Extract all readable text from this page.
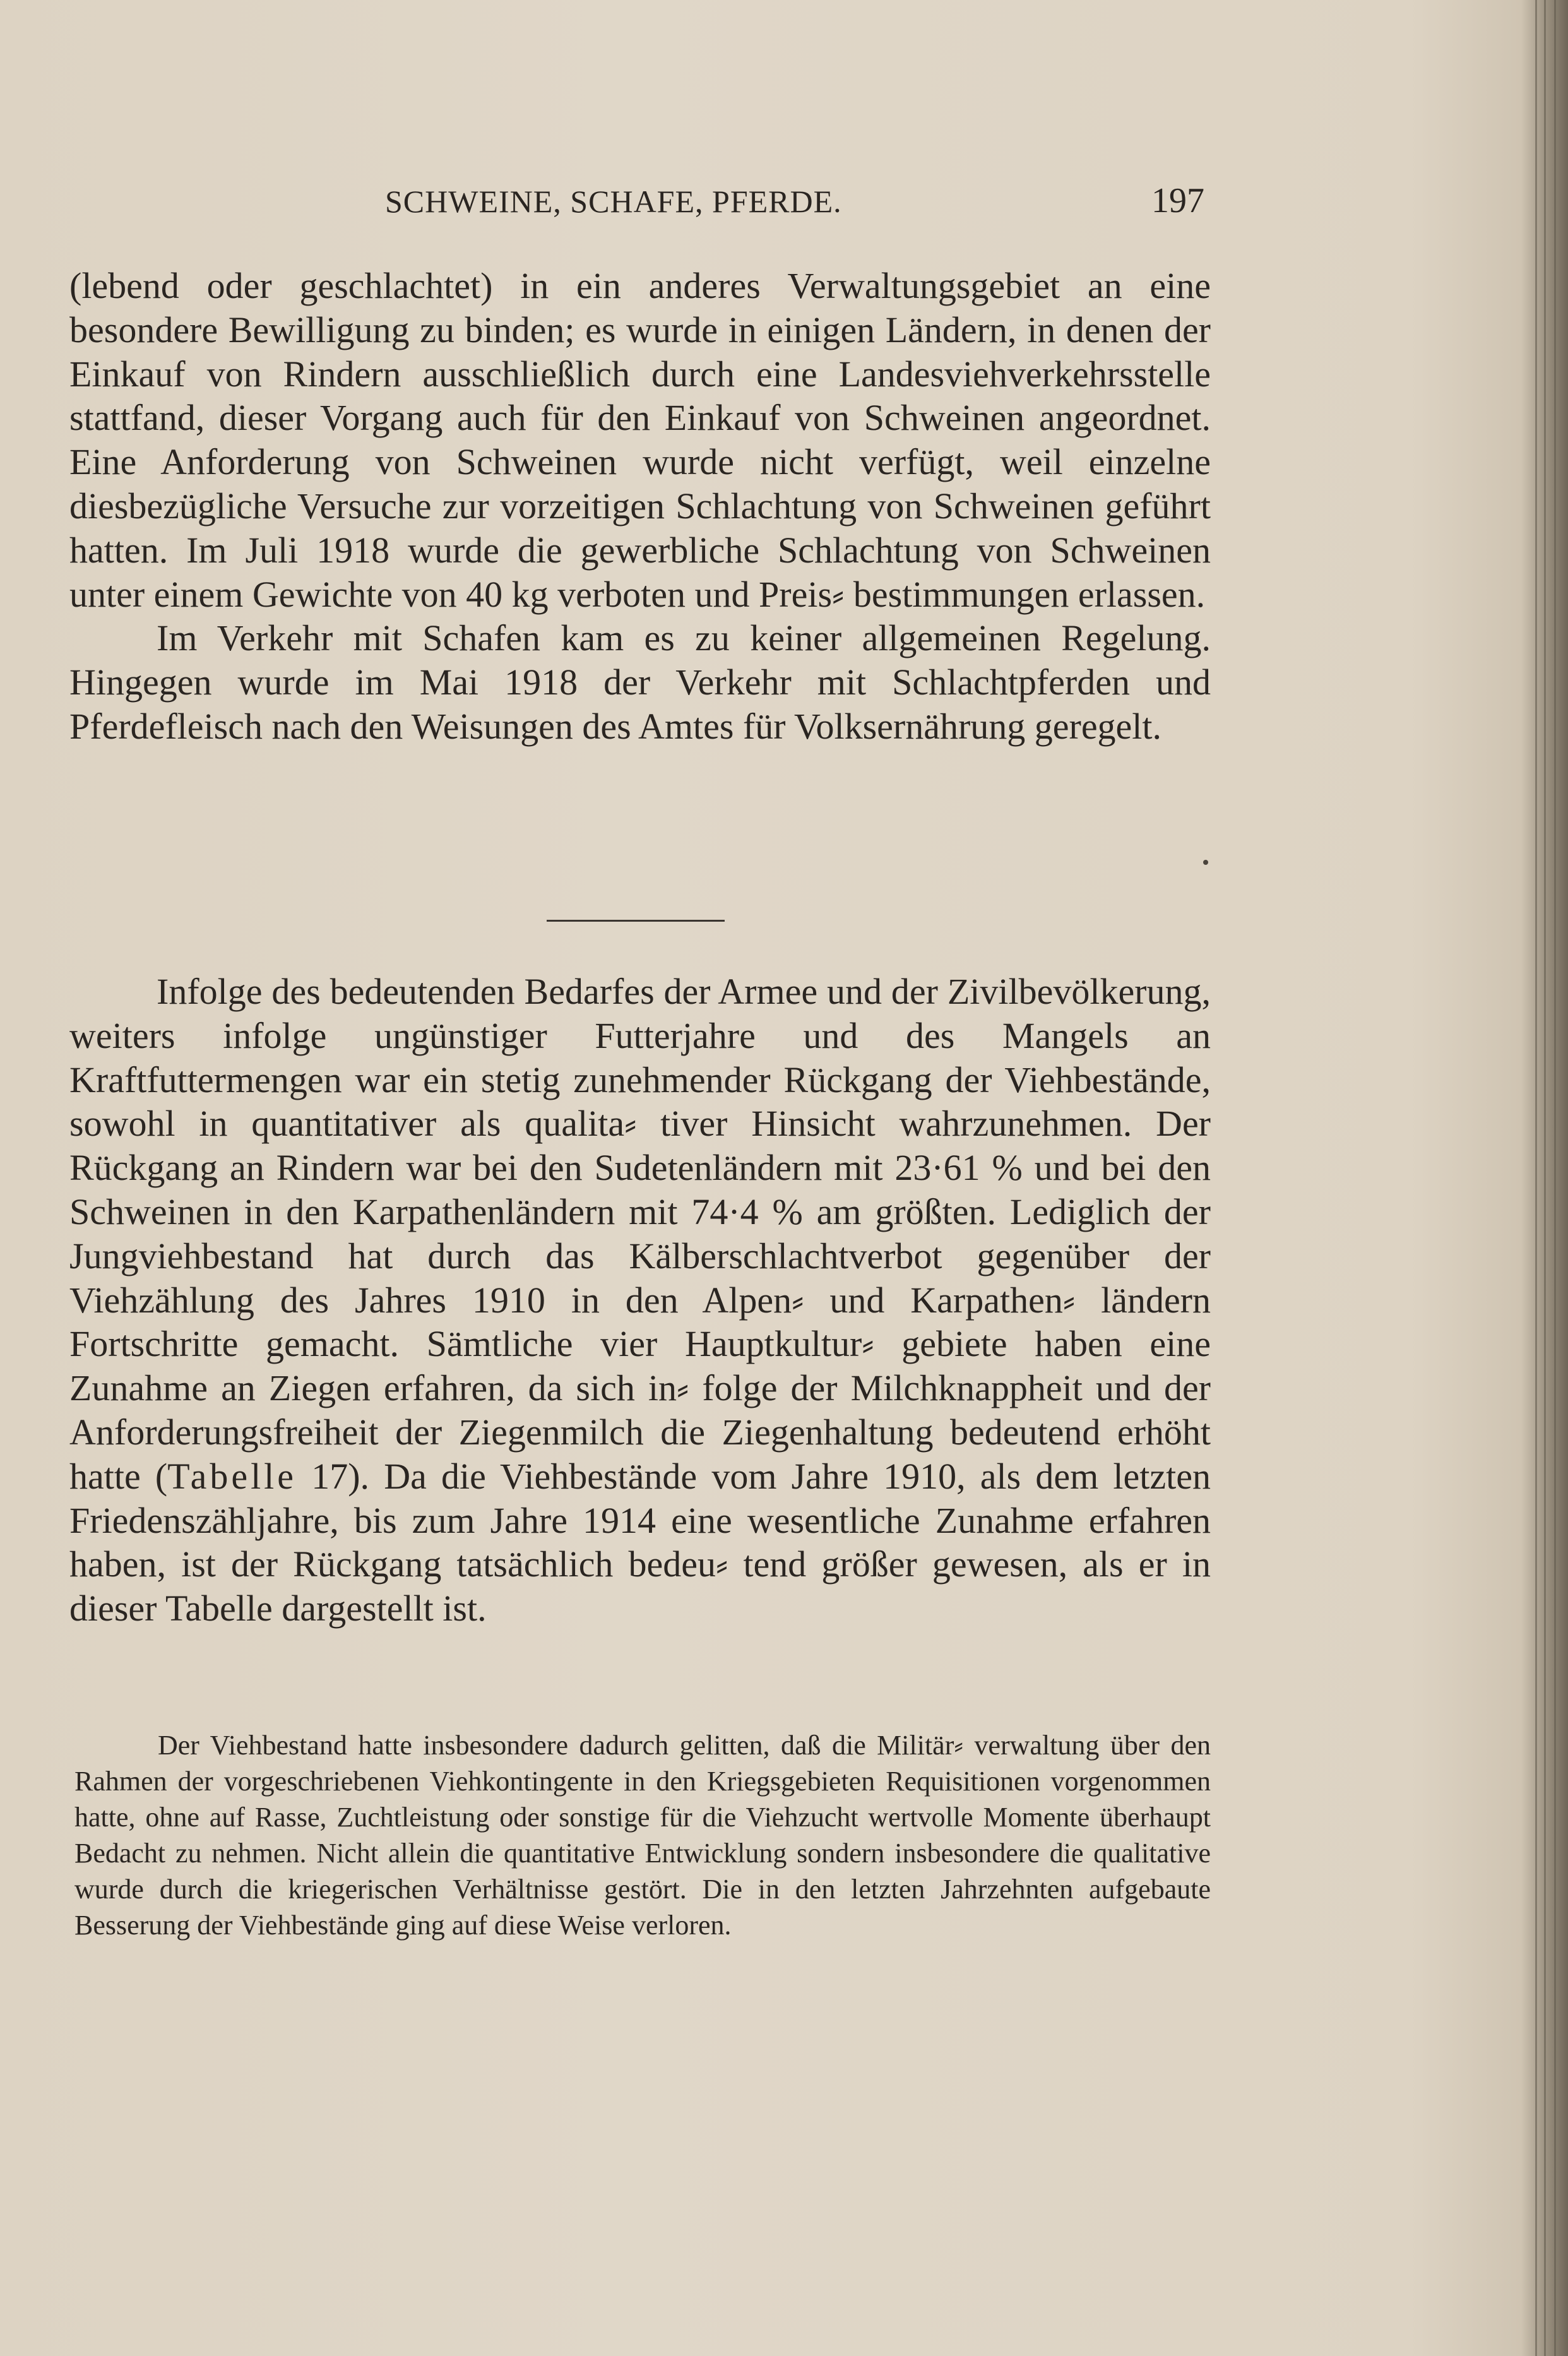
SCHWEINE, SCHAFE, PFERDE.	197

(lebend oder geschlachtet) in ein anderes Verwaltungsgebiet an eine besondere Bewilligung zu binden; es wurde in einigen Ländern, in denen der Einkauf von Rindern ausschließlich durch eine Landesviehverkehrsstelle stattfand, dieser Vorgang auch für den Einkauf von Schweinen angeordnet. Eine Anforderung von Schweinen wurde nicht verfügt, weil einzelne diesbezügliche Versuche zur vorzeitigen Schlachtung von Schweinen geführt hatten. Im Juli 1918 wurde die gewerbliche Schlachtung von Schweinen unter einem Gewichte von 40 kg verboten und Preis⸗ bestimmungen erlassen.

Im Verkehr mit Schafen kam es zu keiner allgemeinen Regelung. Hingegen wurde im Mai 1918 der Verkehr mit Schlachtpferden und Pferdefleisch nach den Weisungen des Amtes für Volksernährung geregelt.

Infolge des bedeutenden Bedarfes der Armee und der Zivilbevölkerung, weiters infolge ungünstiger Futterjahre und des Mangels an Kraftfuttermengen war ein stetig zunehmender Rückgang der Viehbestände, sowohl in quantitativer als qualita⸗ tiver Hinsicht wahrzunehmen. Der Rückgang an Rindern war bei den Sudetenländern mit 23·61 % und bei den Schweinen in den Karpathenländern mit 74·4 % am größten. Lediglich der Jungviehbestand hat durch das Kälberschlachtverbot gegenüber der Viehzählung des Jahres 1910 in den Alpen⸗ und Karpathen⸗ ländern Fortschritte gemacht. Sämtliche vier Hauptkultur⸗ gebiete haben eine Zunahme an Ziegen erfahren, da sich in⸗ folge der Milchknappheit und der Anforderungsfreiheit der Ziegenmilch die Ziegenhaltung bedeutend erhöht hatte (Tabelle 17). Da die Viehbestände vom Jahre 1910, als dem letzten Friedenszähljahre, bis zum Jahre 1914 eine wesentliche Zunahme erfahren haben, ist der Rückgang tatsächlich bedeu⸗ tend größer gewesen, als er in dieser Tabelle dargestellt ist.

Der Viehbestand hatte insbesondere dadurch gelitten, daß die Militär⸗ verwaltung über den Rahmen der vorgeschriebenen Viehkontingente in den Kriegsgebieten Requisitionen vorgenommen hatte, ohne auf Rasse, Zuchtleistung oder sonstige für die Viehzucht wertvolle Momente überhaupt Bedacht zu nehmen. Nicht allein die quantitative Entwicklung sondern insbesondere die qualitative wurde durch die kriegerischen Verhältnisse gestört. Die in den letzten Jahrzehnten aufgebaute Besserung der Viehbestände ging auf diese Weise verloren.
